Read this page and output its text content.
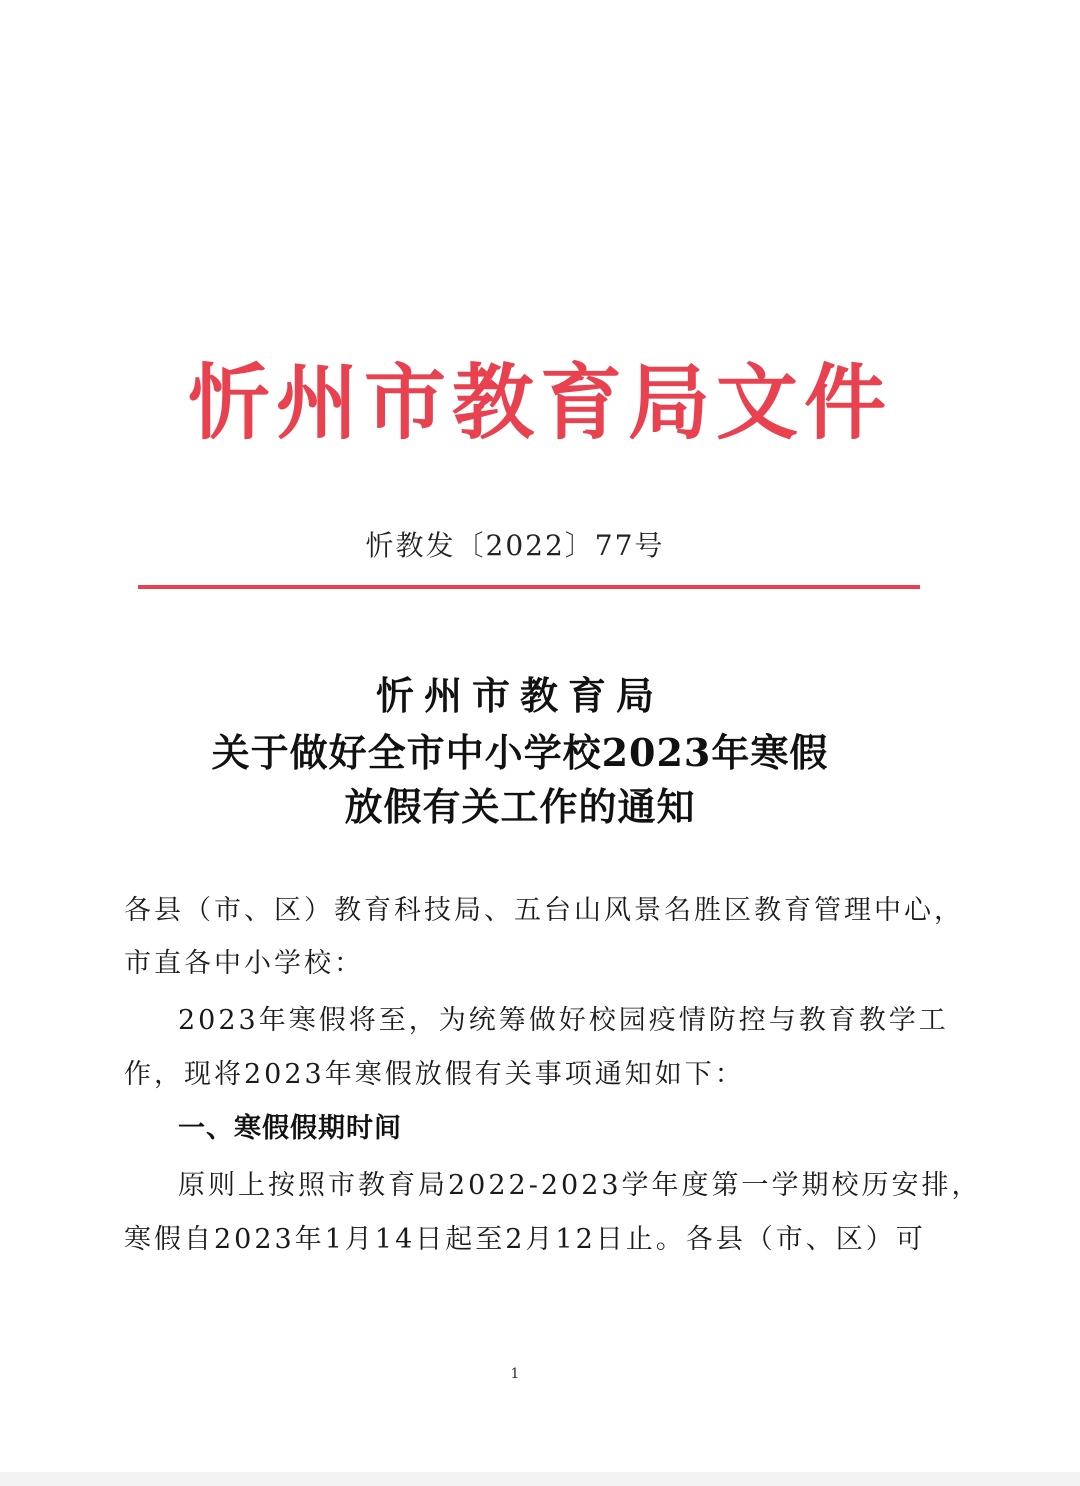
忻州市教育局文件
忻教发〔2022〕77号
忻州市教育局
关于做好全市中小学校2023年寒假
放假有关工作的通知
各县（市、区）教育科技局、五台山风景名胜区教育管理中心，
市直各中小学校：
2023年寒假将至，为统筹做好校园疫情防控与教育教学工
作，现将2023年寒假放假有关事项通知如下：
一、寒假假期时间
原则上按照市教育局2022-2023学年度第一学期校历安排，
寒假自2023年1月14日起至2月12日止。各县（市、区）可
1
